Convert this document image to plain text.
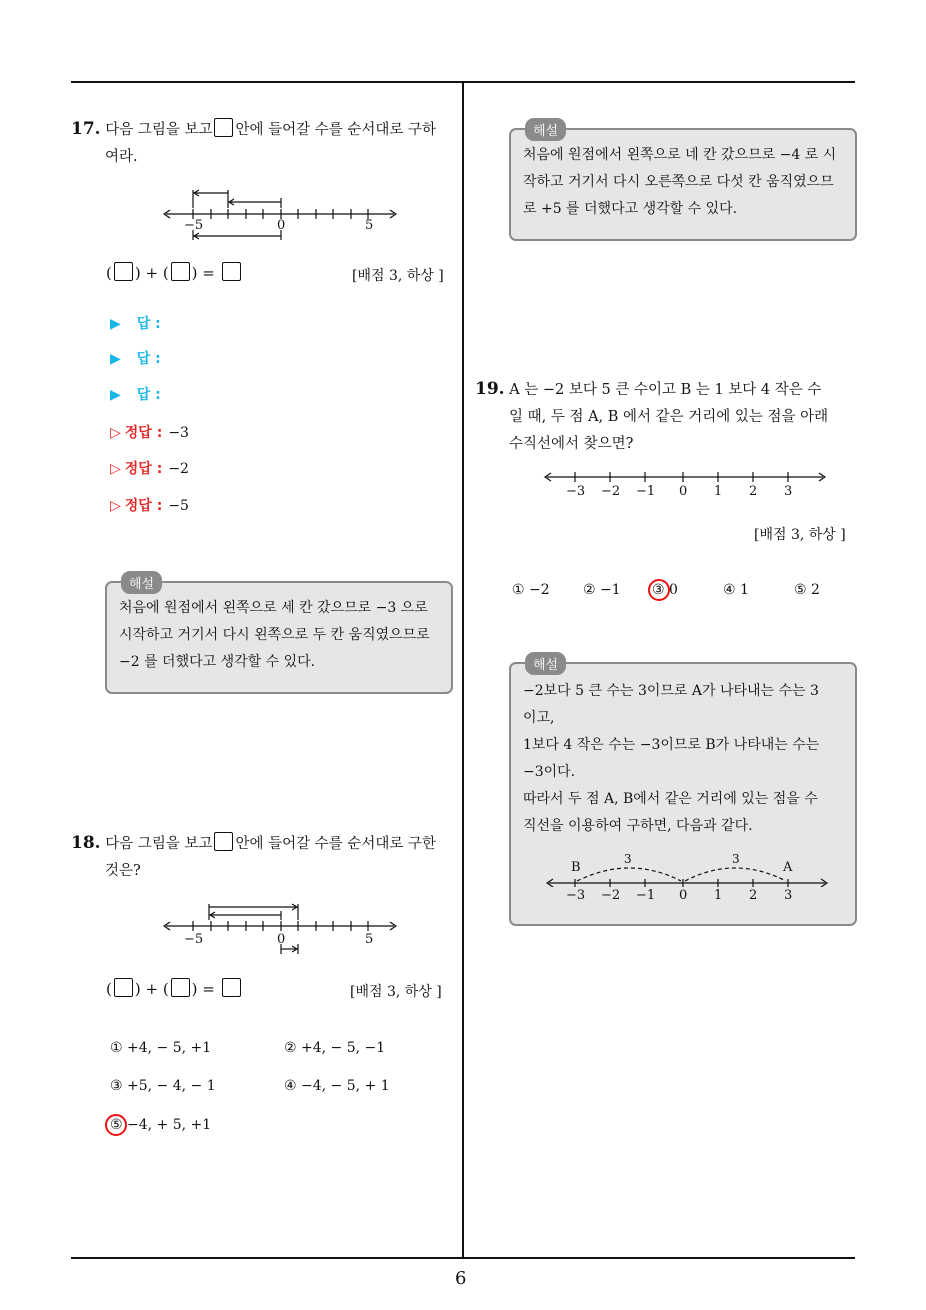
6
17. 다음 그림을 보고 안에 들어갈 수를 순서대로 구하
여라.
−5	0	5
( ) + ( ) =	[배점 3, 하상 ]
▶ 답 :
▶ 답 :
▶ 답 :
▷ 정답 : −3
▷ 정답 : −2
▷ 정답 : −5
해설
처음에 원점에서 왼쪽으로 세 칸 갔으므로 −3 으로 시작하고 거기서 다시 왼쪽으로 두 칸 움직였으므로 −2 를 더했다고 생각할 수 있다.
18. 다음 그림을 보고 안에 들어갈 수를 순서대로 구한
것은?
−5	0	5
( ) + ( ) =	[배점 3, 하상 ]
① +4, − 5, +1	② +4, − 5, −1
③ +5, − 4, − 1	④ −4, − 5, + 1
⑤ −4, + 5, +1
해설
처음에 원점에서 왼쪽으로 네 칸 갔으므로 −4 로 시작하고 거기서 다시 오른쪽으로 다섯 칸 움직였으므로 +5 를 더했다고 생각할 수 있다.
19. A 는 −2 보다 5 큰 수이고 B 는 1 보다 4 작은 수
일 때, 두 점 A, B 에서 같은 거리에 있는 점을 아래
수직선에서 찾으면?
−3 −2 −1 0 1 2 3
[배점 3, 하상 ]
① −2 ② −1 ③ 0	④ 1	⑤ 2
해설
−2보다 5 큰 수는 3이므로 A가 나타내는 수는 3
이고,
1보다 4 작은 수는 −3이므로 B가 나타내는 수는
−3이다.
따라서 두 점 A, B에서 같은 거리에 있는 점을 수
직선을 이용하여 구하면, 다음과 같다.
B	A
3	3
−3 −2 −1 0 1 2 3
